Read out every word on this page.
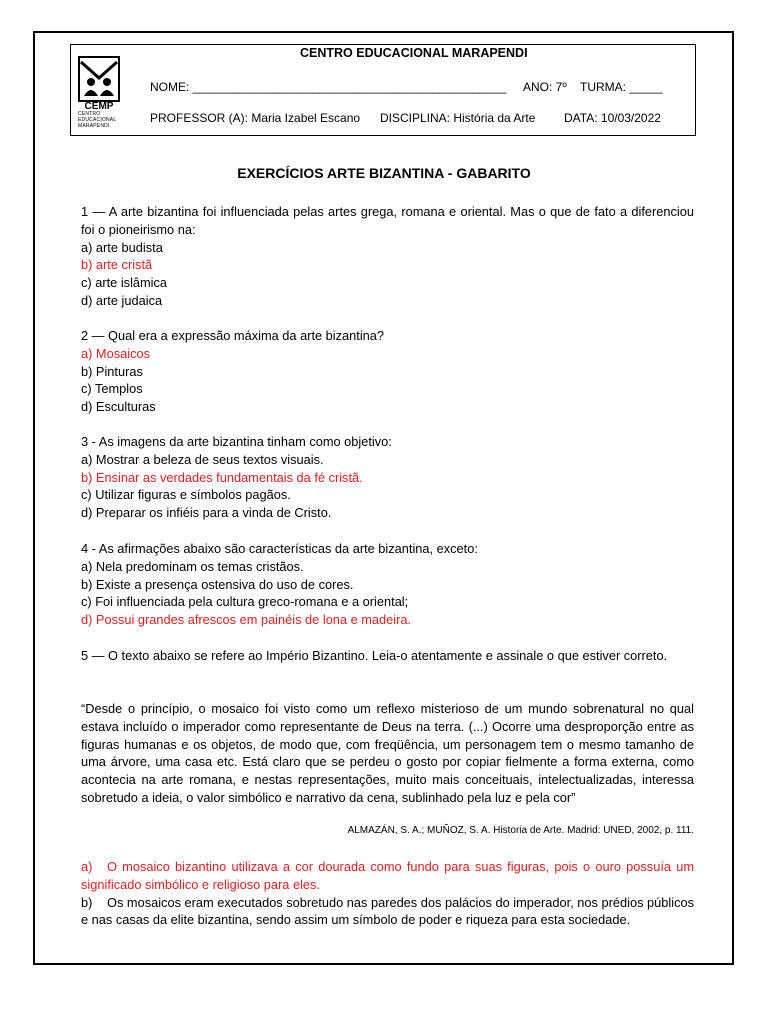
CEMP
CENTRO EDUCACIONAL MARAPENDI
CENTRO EDUCACIONAL MARAPENDI
NOME: _______________________________________________ ANO: 7º TURMA: _____
PROFESSOR (A): Maria Izabel Escano DISCIPLINA: História da Arte DATA: 10/03/2022
EXERCÍCIOS ARTE BIZANTINA - GABARITO

1 — A arte bizantina foi influenciada pelas artes grega, romana e oriental. Mas o que de fato a diferenciou foi o pioneirismo na:

a) arte budista

b) arte cristã

c) arte islâmica

d) arte judaica

2 — Qual era a expressão máxima da arte bizantina?

a) Mosaicos

b) Pinturas

c) Templos

d) Esculturas

3 - As imagens da arte bizantina tinham como objetivo:

a) Mostrar a beleza de seus textos visuais.

b) Ensinar as verdades fundamentais da fé cristã.

c) Utilizar figuras e símbolos pagãos.

d) Preparar os infiéis para a vinda de Cristo.

4 - As afirmações abaixo são características da arte bizantina, exceto:

a) Nela predominam os temas cristãos.

b) Existe a presença ostensiva do uso de cores.

c) Foi influenciada pela cultura greco-romana e a oriental;

d) Possui grandes afrescos em painéis de lona e madeira.

5 — O texto abaixo se refere ao Império Bizantino. Leia-o atentamente e assinale o que estiver correto.

“Desde o princípio, o mosaico foi visto como um reflexo misterioso de um mundo sobrenatural no qual estava incluído o imperador como representante de Deus na terra. (...) Ocorre uma desproporção entre as figuras humanas e os objetos, de modo que, com freqüência, um personagem tem o mesmo tamanho de uma árvore, uma casa etc. Está claro que se perdeu o gosto por copiar fielmente a forma externa, como acontecia na arte romana, e nestas representações, muito mais conceituais, intelectualizadas, interessa sobretudo a ideia, o valor simbólico e narrativo da cena, sublinhado pela luz e pela cor”

ALMAZÁN, S. A.; MUÑOZ, S. A. Historia de Arte. Madrid: UNED, 2002, p. 111.

a) O mosaico bizantino utilizava a cor dourada como fundo para suas figuras, pois o ouro possuía um significado simbólico e religioso para eles.

b) Os mosaicos eram executados sobretudo nas paredes dos palácios do imperador, nos prédios públicos e nas casas da elite bizantina, sendo assim um símbolo de poder e riqueza para esta sociedade.
